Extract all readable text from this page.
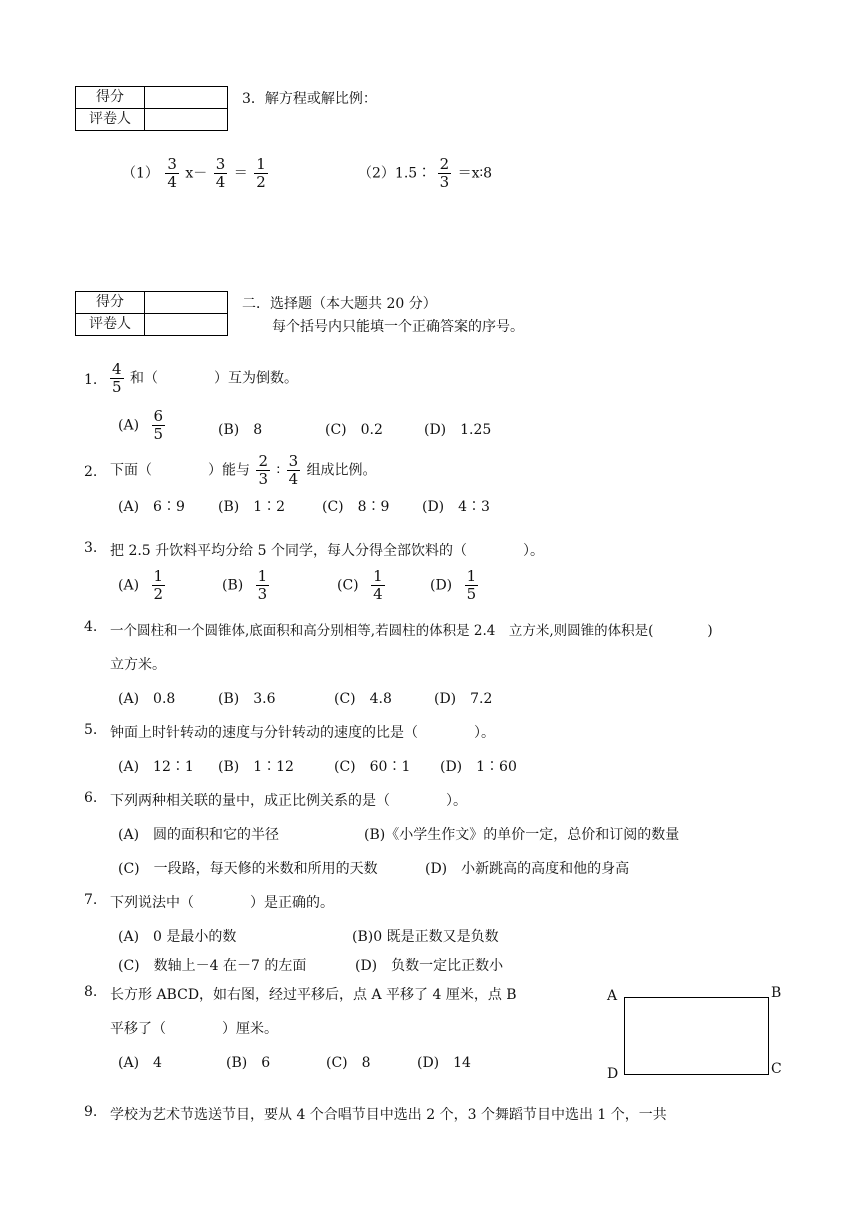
得分	
评卷人	
3．解方程或解比例：
$(1) \frac{3}{4} x- \frac{3}{4} = \frac{1}{2}$	（2）1.5∶ $\frac{2}{3}$ ＝x∶8
得分	
评卷人	
二．选择题（本大题共 20 分）
每个括号内只能填一个正确答案的序号。
1. $\frac{4}{5}$ 和（　　　　）互为倒数。
$(A) \frac{6}{5}$	(B)　8	(C)　0.2	(D)　1.25
2. 下面（　　　　）能与 $\frac{2}{3}$ ∶ $\frac{3}{4}$ 组成比例。
(A)　6∶9 (B)　1∶2	(C)　8∶9 (D)　4∶3
3. 把 2.5 升饮料平均分给 5 个同学，每人分得全部饮料的（　　　　）。
$(A) \frac{1}{2}$	$(B) \frac{1}{3}$	$(C) \frac{1}{4}$	$(D) \frac{1}{5}$
4. 一个圆柱和一个圆锥体,底面积和高分别相等,若圆柱的体积是 2.4　立方米,则圆锥的体积是(　　　　)
立方米。
(A)　0.8	(B)　3.6	(C)　4.8	(D)　7.2
5. 钟面上时针转动的速度与分针转动的速度的比是（　　　　）。
(A)　12∶1 (B)　1∶12	(C)　60∶1 (D)　1∶60
6. 下列两种相关联的量中，成正比例关系的是（　　　　）。
(A)　圆的面积和它的半径	(B)《小学生作文》的单价一定，总价和订阅的数量
(C)　一段路，每天修的米数和所用的天数	(D)　小新跳高的高度和他的身高
7. 下列说法中（　　　　）是正确的。
(A)　0 是最小的数	(B)0 既是正数又是负数
(C)　数轴上－4 在－7 的左面	(D)　负数一定比正数小
8. 长方形 ABCD，如右图，经过平移后，点 A 平移了 4 厘米，点 B
平移了（　　　　）厘米。
(A)　4	(B)　6	(C)　8	(D)　14
A	B
C
D
9. 学校为艺术节选送节目，要从 4 个合唱节目中选出 2 个，3 个舞蹈节目中选出 1 个，一共
